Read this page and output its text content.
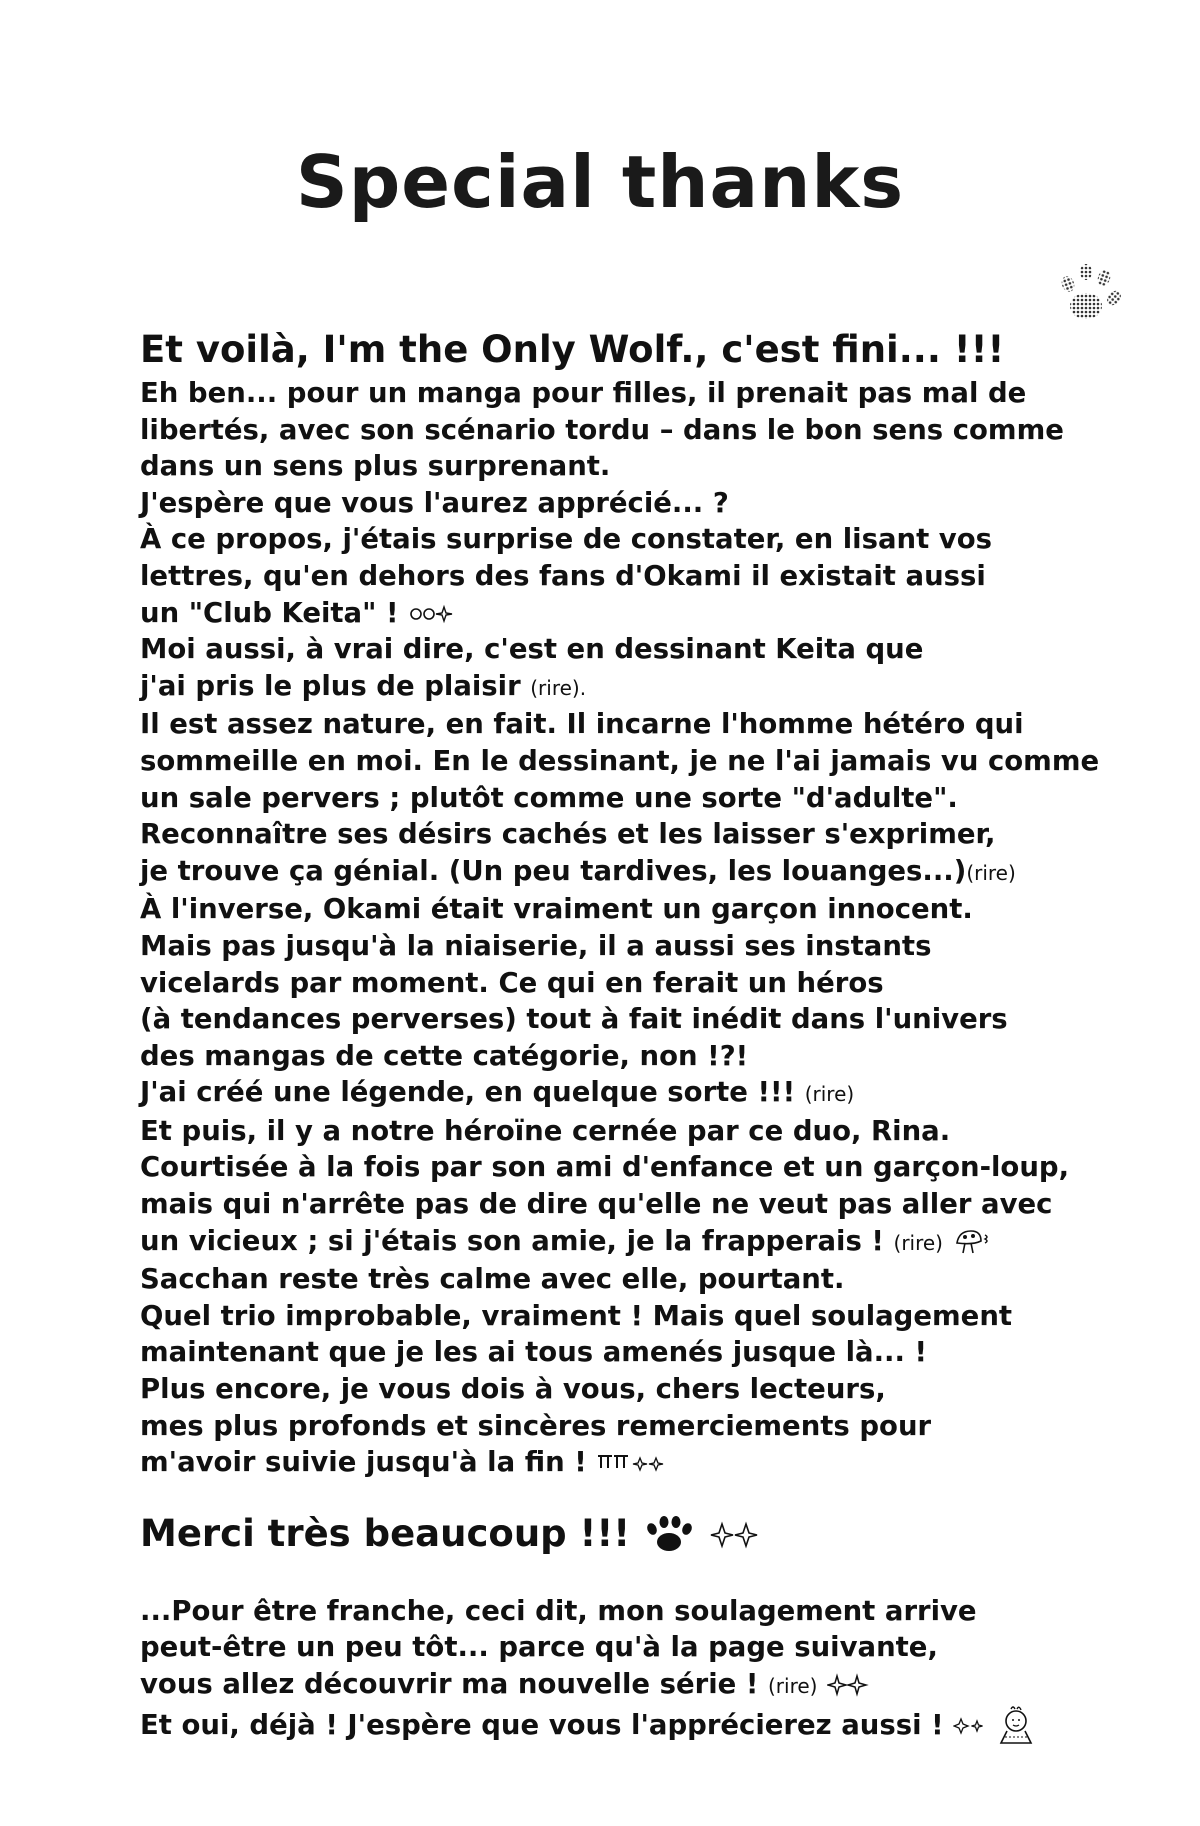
Special thanks
Et voilà, I'm the Only Wolf., c'est fini... !!!
Eh ben... pour un manga pour filles, il prenait pas mal de
libertés, avec son scénario tordu – dans le bon sens comme
dans un sens plus surprenant.
J'espère que vous l'aurez apprécié... ?
À ce propos, j'étais surprise de constater, en lisant vos
lettres, qu'en dehors des fans d'Okami il existait aussi
un "Club Keita" !
Moi aussi, à vrai dire, c'est en dessinant Keita que
j'ai pris le plus de plaisir (rire).
Il est assez nature, en fait. Il incarne l'homme hétéro qui
sommeille en moi. En le dessinant, je ne l'ai jamais vu comme
un sale pervers ; plutôt comme une sorte "d'adulte".
Reconnaître ses désirs cachés et les laisser s'exprimer,
je trouve ça génial. (Un peu tardives, les louanges...)(rire)
À l'inverse, Okami était vraiment un garçon innocent.
Mais pas jusqu'à la niaiserie, il a aussi ses instants
vicelards par moment. Ce qui en ferait un héros
(à tendances perverses) tout à fait inédit dans l'univers
des mangas de cette catégorie, non !?!
J'ai créé une légende, en quelque sorte !!! (rire)
Et puis, il y a notre héroïne cernée par ce duo, Rina.
Courtisée à la fois par son ami d'enfance et un garçon-loup,
mais qui n'arrête pas de dire qu'elle ne veut pas aller avec
un vicieux ; si j'étais son amie, je la frapperais ! (rire)
Sacchan reste très calme avec elle, pourtant.
Quel trio improbable, vraiment ! Mais quel soulagement
maintenant que je les ai tous amenés jusque là... !
Plus encore, je vous dois à vous, chers lecteurs,
mes plus profonds et sincères remerciements pour
m'avoir suivie jusqu'à la fin !
Merci très beaucoup !!!
...Pour être franche, ceci dit, mon soulagement arrive
peut-être un peu tôt... parce qu'à la page suivante,
vous allez découvrir ma nouvelle série ! (rire)
Et oui, déjà ! J'espère que vous l'apprécierez aussi !
